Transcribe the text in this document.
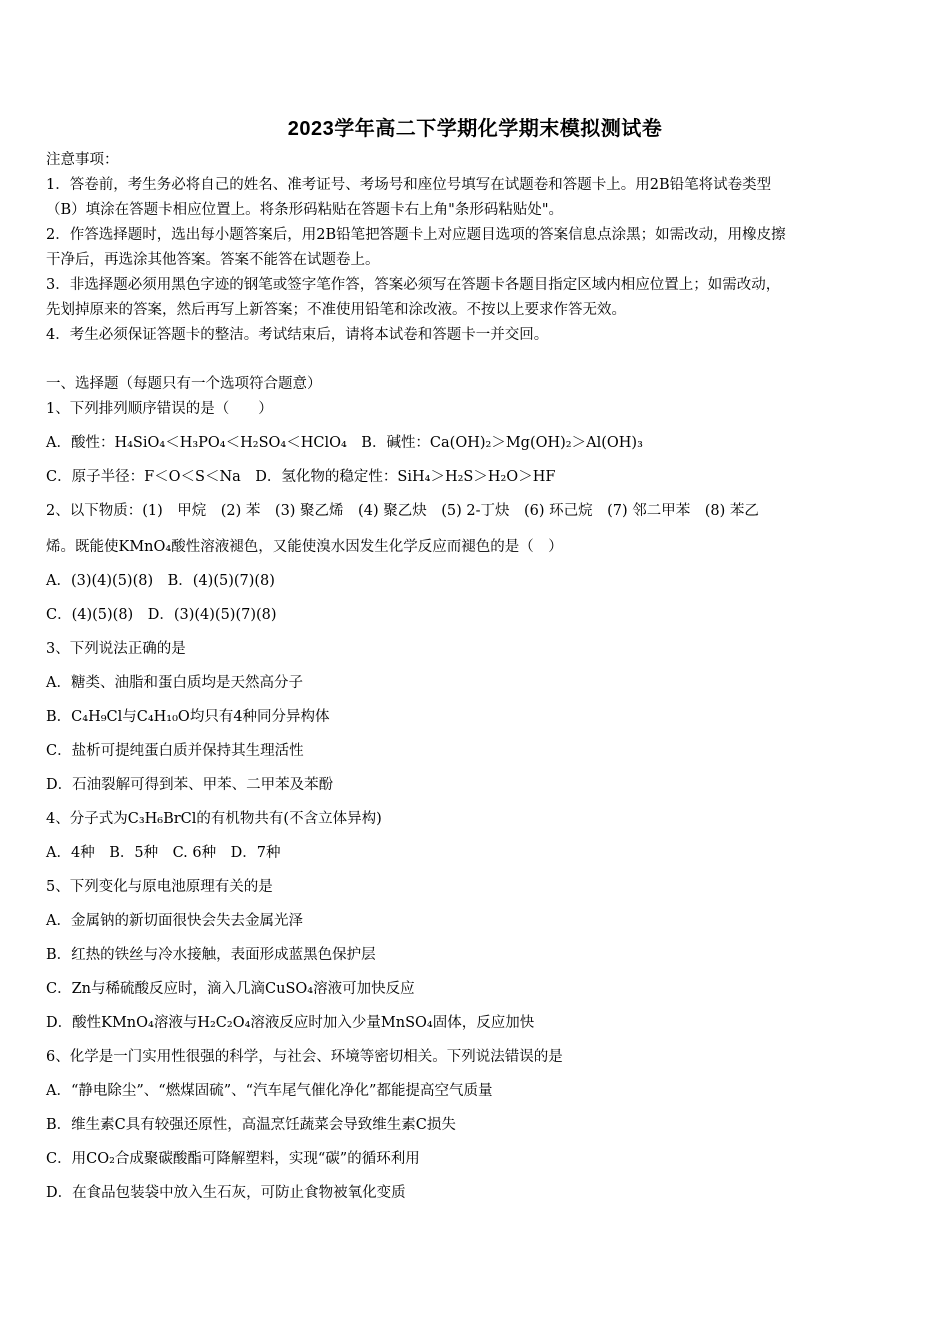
2023学年高二下学期化学期末模拟测试卷
注意事项：
1．答卷前，考生务必将自己的姓名、准考证号、考场号和座位号填写在试题卷和答题卡上。用2B铅笔将试卷类型
（B）填涂在答题卡相应位置上。将条形码粘贴在答题卡右上角"条形码粘贴处"。
2．作答选择题时，选出每小题答案后，用2B铅笔把答题卡上对应题目选项的答案信息点涂黑；如需改动，用橡皮擦
干净后，再选涂其他答案。答案不能答在试题卷上。
3．非选择题必须用黑色字迹的钢笔或签字笔作答，答案必须写在答题卡各题目指定区域内相应位置上；如需改动，
先划掉原来的答案，然后再写上新答案；不准使用铅笔和涂改液。不按以上要求作答无效。
4．考生必须保证答题卡的整洁。考试结束后，请将本试卷和答题卡一并交回。
一、选择题（每题只有一个选项符合题意）
1、下列排列顺序错误的是（　　）
A．酸性：H₄SiO₄＜H₃PO₄＜H₂SO₄＜HClO₄　B．碱性：Ca(OH)₂＞Mg(OH)₂＞Al(OH)₃
C．原子半径：F＜O＜S＜Na　D．氢化物的稳定性：SiH₄＞H₂S＞H₂O＞HF
2、以下物质：(1)　甲烷　(2) 苯　(3) 聚乙烯　(4) 聚乙炔　(5) 2-丁炔　(6) 环己烷　(7) 邻二甲苯　(8) 苯乙
烯。既能使KMnO₄酸性溶液褪色，又能使溴水因发生化学反应而褪色的是（　）
A．(3)(4)(5)(8)　B．(4)(5)(7)(8)
C．(4)(5)(8)　D．(3)(4)(5)(7)(8)
3、下列说法正确的是
A．糖类、油脂和蛋白质均是天然高分子
B．C₄H₉Cl与C₄H₁₀O均只有4种同分异构体
C．盐析可提纯蛋白质并保持其生理活性
D．石油裂解可得到苯、甲苯、二甲苯及苯酚
4、分子式为C₃H₆BrCl的有机物共有(不含立体异构)
A．4种　B．5种　C. 6种　D．7种
5、下列变化与原电池原理有关的是
A．金属钠的新切面很快会失去金属光泽
B．红热的铁丝与冷水接触，表面形成蓝黑色保护层
C．Zn与稀硫酸反应时，滴入几滴CuSO₄溶液可加快反应
D．酸性KMnO₄溶液与H₂C₂O₄溶液反应时加入少量MnSO₄固体，反应加快
6、化学是一门实用性很强的科学，与社会、环境等密切相关。下列说法错误的是
A．“静电除尘”、“燃煤固硫”、“汽车尾气催化净化”都能提高空气质量
B．维生素C具有较强还原性，高温烹饪蔬菜会导致维生素C损失
C．用CO₂合成聚碳酸酯可降解塑料，实现“碳”的循环利用
D．在食品包装袋中放入生石灰，可防止食物被氧化变质
